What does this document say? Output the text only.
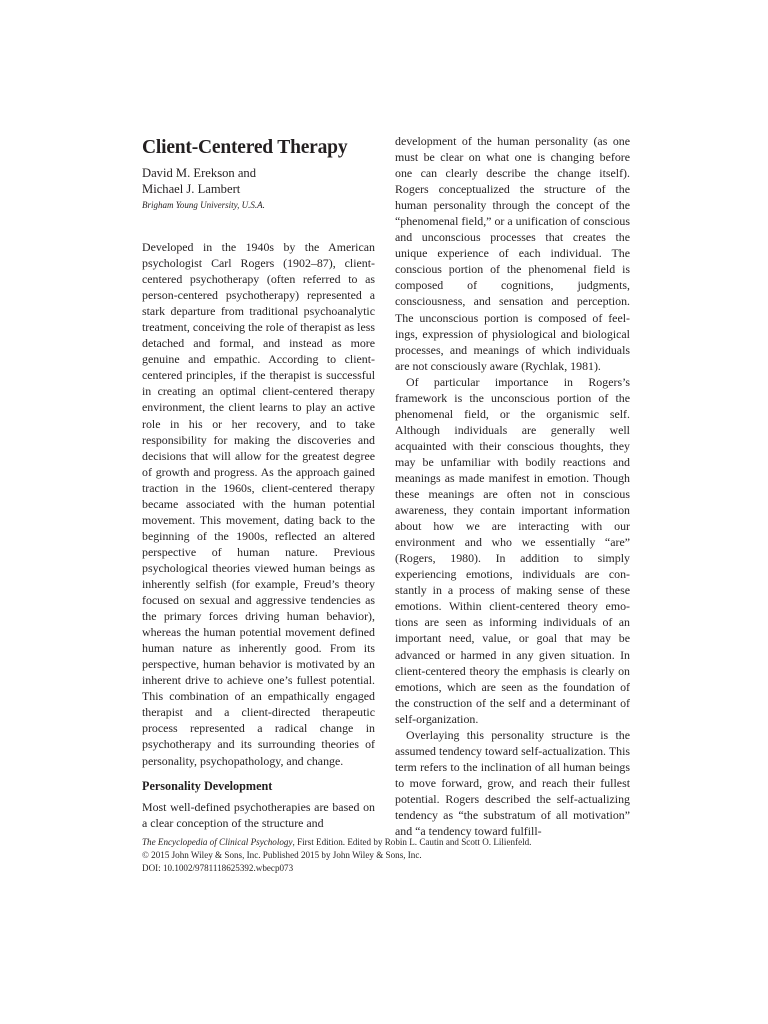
Client-Centered Therapy
David M. Erekson and
Michael J. Lambert
Brigham Young University, U.S.A.

Developed in the 1940s by the American psychologist Carl Rogers (1902–87), client-centered psychotherapy (often referred to as person-centered psychotherapy) represented a stark departure from traditional psychoanalytic treatment, conceiving the role of therapist as less detached and formal, and instead as more genuine and empathic. According to client-centered principles, if the therapist is successful in creating an optimal client-centered therapy environment, the client learns to play an active role in his or her recovery, and to take responsibility for making the discoveries and decisions that will allow for the greatest degree of growth and progress. As the approach gained traction in the 1960s, client-centered therapy became associated with the human potential movement. This movement, dating back to the beginning of the 1900s, reflected an altered perspective of human nature. Previous psychological theories viewed human beings as inherently selfish (for example, Freud’s theory focused on sexual and aggressive tendencies as the primary forces driving human behavior), whereas the human potential movement defined human nature as inherently good. From its perspective, human behavior is motivated by an inherent drive to achieve one’s fullest potential. This combination of an empathically engaged therapist and a client-directed therapeutic process represented a radical change in psychotherapy and its surrounding theories of personality, psychopathology, and change.

Personality Development

Most well-defined psychotherapies are based on a clear conception of the structure and

development of the human personality (as one must be clear on what one is changing before one can clearly describe the change itself). Rogers conceptualized the structure of the human personality through the concept of the “phenomenal field,” or a unification of conscious and unconscious processes that creates the unique experience of each individual. The conscious portion of the phenomenal field is composed of cognitions, judgments, consciousness, and sensation and perception. The unconscious portion is composed of feelings, expression of physiological and biological processes, and meanings of which individuals are not consciously aware (Rychlak, 1981).

Of particular importance in Rogers’s framework is the unconscious portion of the phenomenal field, or the organismic self. Although individuals are generally well acquainted with their conscious thoughts, they may be unfamiliar with bodily reactions and meanings as made manifest in emotion. Though these meanings are often not in conscious awareness, they contain important information about how we are interacting with our environment and who we essentially “are” (Rogers, 1980). In addition to simply experiencing emotions, individuals are constantly in a process of making sense of these emotions. Within client-centered theory emotions are seen as informing individuals of an important need, value, or goal that may be advanced or harmed in any given situation. In client-centered theory the emphasis is clearly on emotions, which are seen as the foundation of the construction of the self and a determinant of self-organization.

Overlaying this personality structure is the assumed tendency toward self-actualization. This term refers to the inclination of all human beings to move forward, grow, and reach their fullest potential. Rogers described the self-actualizing tendency as “the substratum of all motivation” and “a tendency toward fulfill-

The Encyclopedia of Clinical Psychology, First Edition. Edited by Robin L. Cautin and Scott O. Lilienfeld.
© 2015 John Wiley & Sons, Inc. Published 2015 by John Wiley & Sons, Inc.
DOI: 10.1002/9781118625392.wbecp073
